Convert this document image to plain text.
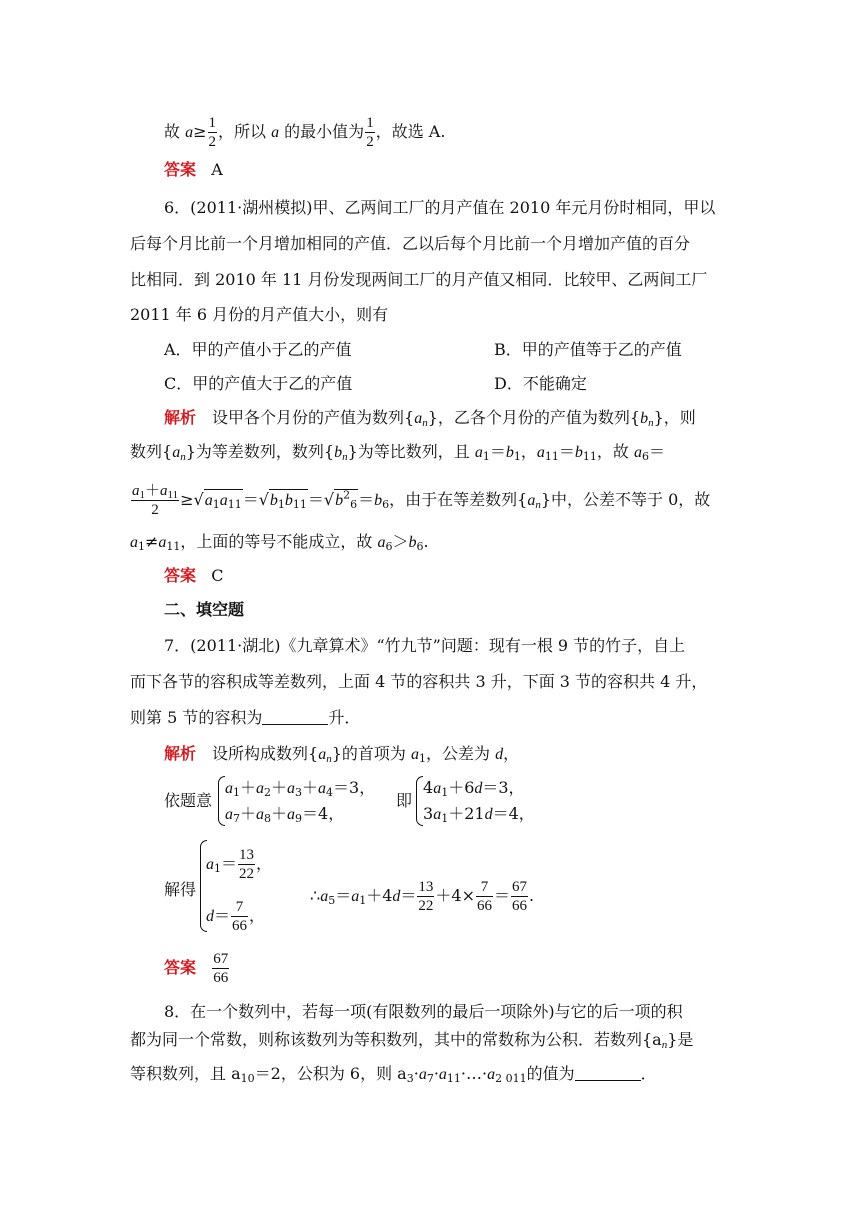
故 $a\ge \frac{1}{2}$ ，所以 a 的最小值为 $\frac{1}{2}$ ，故选 A.
答案 A
6．(2011·湖州模拟)甲、乙两间工厂的月产值在 2010 年元月份时相同，甲以
后每个月比前一个月增加相同的产值．乙以后每个月比前一个月增加产值的百分
比相同．到 2010 年 11 月份发现两间工厂的月产值又相同．比较甲、乙两间工厂
2011 年 6 月份的月产值大小，则有
A．甲的产值小于乙的产值	B．甲的产值等于乙的产值
C．甲的产值大于乙的产值	D．不能确定
解析　设甲各个月份的产值为数列$\{a_n\}$，乙各个月份的产值为数列$\{b_n\}$，则
数列$\{a_n\}$为等差数列，数列$\{b_n\}$为等比数列，且 $a_1=b_1$，$a_{11}=b_{11}$，故 $a_6=$
$\frac{a_1+a_{11}}{2} \ge√a_1a_{11}=√b_1b_{11}=√b^2_6=b_6$，由于在等差数列$\{a_n\}$中，公差不等于 0，故
$a_1\ne a_{11}$，上面的等号不能成立，故 $a_6>b_6$.
答案 C
二、填空题
7．(2011·湖北)《九章算术》“竹九节”问题：现有一根 9 节的竹子，自上
而下各节的容积成等差数列，上面 4 节的容积共 3 升，下面 3 节的容积共 4 升，
则第 5 节的容积为	升．
解析　设所构成数列$\{a_n\}$的首项为 $a_1$，公差为 d，
依题意
$a_1+a_2+a_3+a_4=3$，
$a_7+a_8+a_9=4$，
即
$4a_1+6d=3$，
$3a_1+21d=4$，
解得
$a_1= \frac{13}{22}$ ，
$d= \frac{7}{66}$ ，
$\therefore a_5=a_1+4d= \frac{13}{22} +4\times \frac{7}{66} = \frac{67}{66}$ .
答案 $\frac{67}{66}$
8．在一个数列中，若每一项(有限数列的最后一项除外)与它的后一项的积
都为同一个常数，则称该数列为等积数列，其中的常数称为公积．若数列$\{a_n\}$是
等积数列，且 $a_{10}=2$，公积为 6，则 $a_3\cdot a_7\cdot a_{11}\cdot\dots\cdot a_{2 011}$的值为	．
